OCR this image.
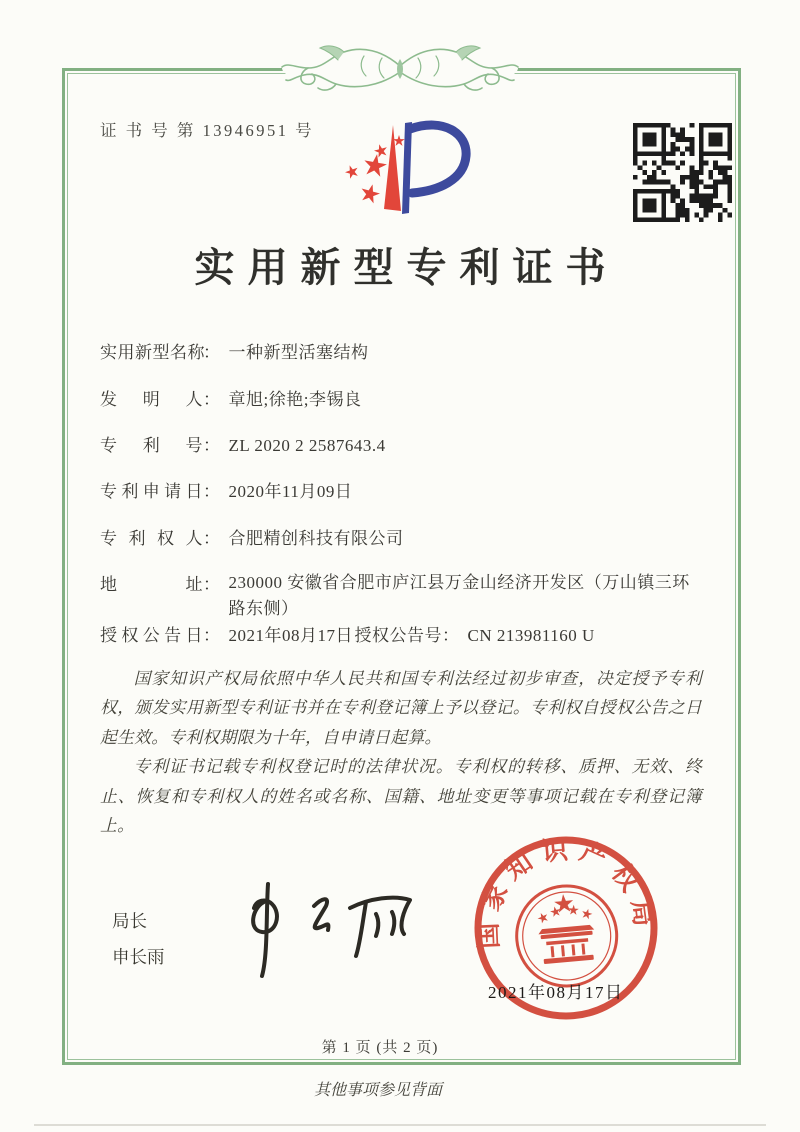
证 书 号 第 13946951 号
实用新型专利证书
实用新型名称： 一种新型活塞结构
发明人： 章旭;徐艳;李锡良
专利号： ZL 2020 2 2587643.4
专利申请日： 2020年11月09日
专利权人： 合肥精创科技有限公司
地址： 230000 安徽省合肥市庐江县万金山经济开发区（万山镇三环路东侧）
授权公告日： 2021年08月17日授权公告号： CN 213981160 U

国家知识产权局依照中华人民共和国专利法经过初步审查，决定授予专利权，颁发实用新型专利证书并在专利登记簿上予以登记。专利权自授权公告之日起生效。专利权期限为十年，自申请日起算。

专利证书记载专利权登记时的法律状况。专利权的转移、质押、无效、终止、恢复和专利权人的姓名或名称、国籍、地址变更等事项记载在专利登记簿上。

局长
申长雨
国家知识产权局
2021年08月17日
第 1 页 (共 2 页)
其他事项参见背面
